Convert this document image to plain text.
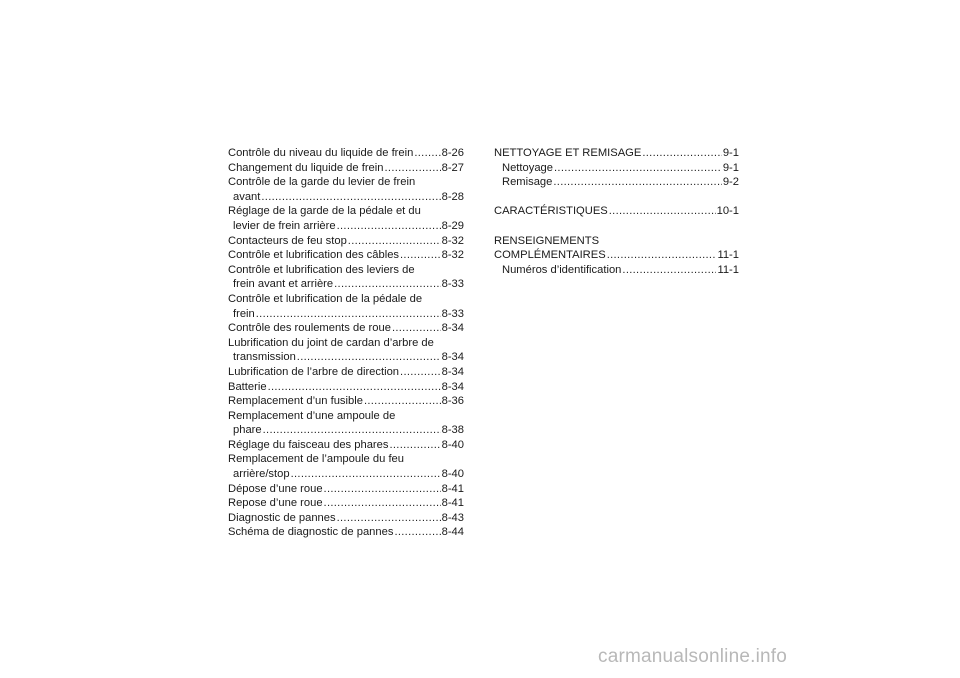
Contrôle du niveau du liquide de frein .....	8-26
Changement du liquide de frein .....	8-27
Contrôle de la garde du levier de frein
avant .....	8-28
Réglage de la garde de la pédale et du
levier de frein arrière .....	8-29
Contacteurs de feu stop .....	8-32
Contrôle et lubrification des câbles .....	8-32
Contrôle et lubrification des leviers de
frein avant et arrière .....	8-33
Contrôle et lubrification de la pédale de
frein .....	8-33
Contrôle des roulements de roue .....	8-34
Lubrification du joint de cardan d’arbre de
transmission .....	8-34
Lubrification de l’arbre de direction .....	8-34
Batterie .....	8-34
Remplacement d’un fusible .....	8-36
Remplacement d’une ampoule de
phare .....	8-38
Réglage du faisceau des phares .....	8-40
Remplacement de l’ampoule du feu
arrière/stop .....	8-40
Dépose d’une roue .....	8-41
Repose d’une roue .....	8-41
Diagnostic de pannes .....	8-43
Schéma de diagnostic de pannes .....	8-44
NETTOYAGE ET REMISAGE .....	9-1
Nettoyage .....	9-1
Remisage .....	9-2
CARACTÉRISTIQUES .....	10-1
RENSEIGNEMENTS
COMPLÉMENTAIRES .....	11-1
Numéros d’identification .....	11-1
carmanualsonline.info
